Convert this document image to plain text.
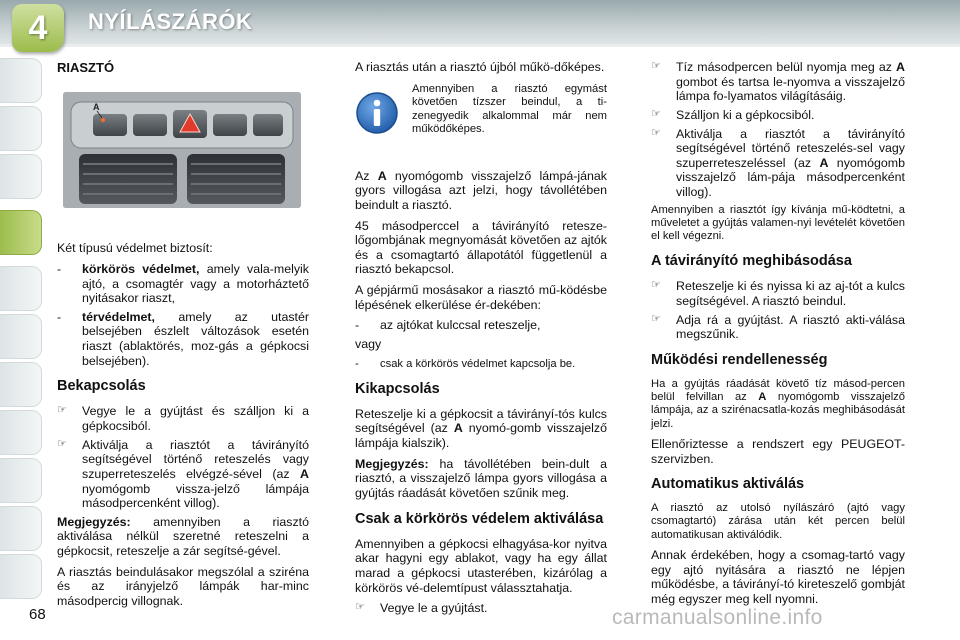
4 NYÍLÁSZÁRÓK
RIASZTÓ
A

Két típusú védelmet biztosít:

- körkörös védelmet, amely vala-melyik ajtó, a csomagtér vagy a motorháztető nyitásakor riaszt,
- térvédelmet, amely az utastér belsejében észlelt változások esetén riaszt (ablaktörés, moz-gás a gépkocsi belsejében).
Bekapcsolás
☞ Vegye le a gyújtást és szálljon ki a gépkocsiból.
☞ Aktiválja a riasztót a távirányító segítségével történő reteszelés vagy szuperreteszelés elvégzé-sével (az A nyomógomb vissza-jelző lámpája másodpercenként villog).

Megjegyzés: amennyiben a riasztó aktiválása nélkül szeretné reteszelni a gépkocsit, reteszelje a zár segítsé-gével.

A riasztás beindulásakor megszólal a sziréna és az irányjelző lámpák har-minc másodpercig villognak.

A riasztás után a riasztó újból műkö-dőképes.

Amennyiben a riasztó egymást követően tízszer beindul, a ti-zenegyedik alkalommal már nem működőképes.

Az A nyomógomb visszajelző lámpá-jának gyors villogása azt jelzi, hogy távollétében beindult a riasztó.

45 másodperccel a távirányító retesze-lőgombjának megnyomását követően az ajtók és a csomagtartó állapotától függetlenül a riasztó bekapcsol.

A gépjármű mosásakor a riasztó mű-ködésbe lépésének elkerülése ér-dekében:

- az ajtókat kulccsal reteszelje,

vagy

- csak a körkörös védelmet kapcsolja be.
Kikapcsolás

Reteszelje ki a gépkocsit a távirányí-tós kulcs segítségével (az A nyomó-gomb visszajelző lámpája kialszik).

Megjegyzés: ha távollétében bein-dult a riasztó, a visszajelző lámpa gyors villogása a gyújtás ráadását követően szűnik meg.

Csak a körkörös védelem aktiválása

Amennyiben a gépkocsi elhagyása-kor nyitva akar hagyni egy ablakot, vagy ha egy állat marad a gépkocsi utasterében, kizárólag a körkörös vé-delemtípust válassztahatja.

☞ Vegye le a gyújtást.
☞ Tíz másodpercen belül nyomja meg az A gombot és tartsa le-nyomva a visszajelző lámpa fo-lyamatos világításáig.
☞ Szálljon ki a gépkocsiból.
☞ Aktiválja a riasztót a távirányító segítségével történő reteszelés-sel vagy szuperreteszeléssel (az A nyomógomb visszajelző lám-pája másodpercenként villog).

Amennyiben a riasztót így kívánja mű-ködtetni, a műveletet a gyújtás valamen-nyi levételét követően el kell végezni.

A távirányító meghibásodása
☞ Reteszelje ki és nyissa ki az aj-tót a kulcs segítségével. A riasztó beindul.
☞ Adja rá a gyújtást. A riasztó akti-válása megszűnik.
Működési rendellenesség

Ha a gyújtás ráadását követő tíz másod-percen belül felvillan az A nyomógomb visszajelző lámpája, az a szirénacsatla-kozás meghibásodását jelzi.

Ellenőriztesse a rendszert egy PEUGEOT-szervizben.

Automatikus aktiválás

A riasztó az utolsó nyílászáró (ajtó vagy csomagtartó) zárása után két percen belül automatikusan aktiválódik.

Annak érdekében, hogy a csomag-tartó vagy egy ajtó nyitására a riasztó ne lépjen működésbe, a távirányí-tó kireteszelő gombját még egyszer meg kell nyomni.

68	carmanualsonline.info
